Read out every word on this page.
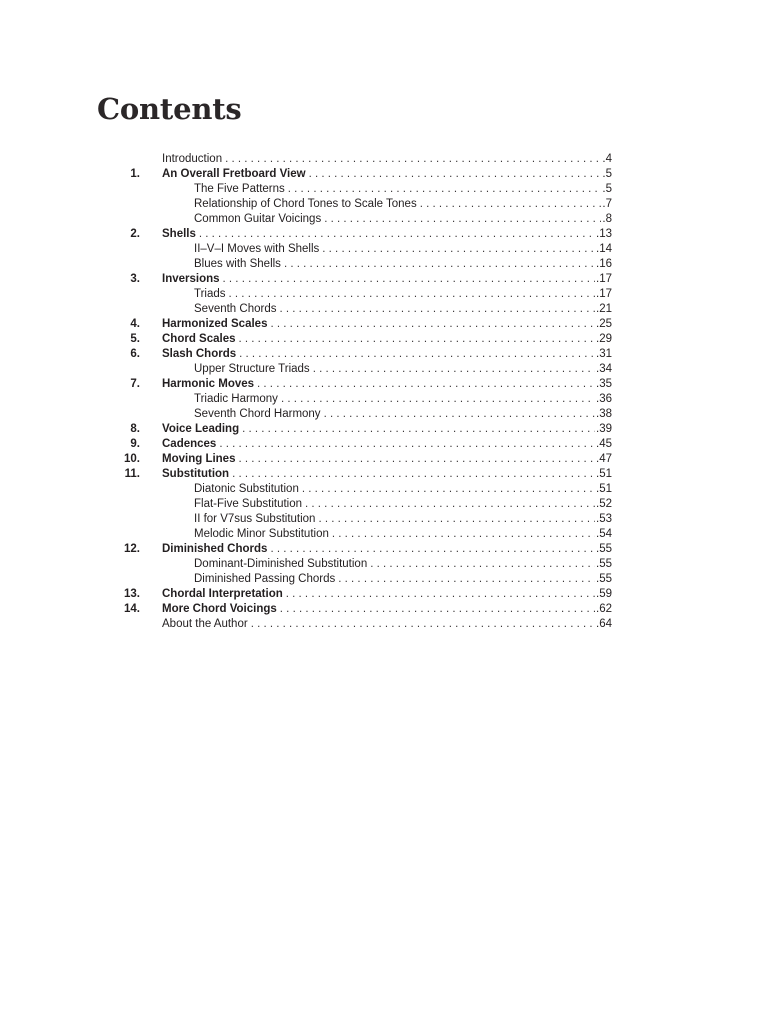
Contents
Introduction . . .	.4
1. An Overall Fretboard View . . .	.5
The Five Patterns . . .	.5
Relationship of Chord Tones to Scale Tones . . .	.7
Common Guitar Voicings . . .	.8
2. Shells . . .	.13
II–V–I Moves with Shells . . .	.14
Blues with Shells . . .	.16
3. Inversions . . .	.17
Triads . . .	.17
Seventh Chords . . .	.21
4. Harmonized Scales . . .	.25
5. Chord Scales . . .	.29
6. Slash Chords . . .	.31
Upper Structure Triads . . .	.34
7. Harmonic Moves . . .	.35
Triadic Harmony . . .	.36
Seventh Chord Harmony . . .	.38
8. Voice Leading . . .	.39
9. Cadences . . .	.45
10. Moving Lines . . .	.47
11. Substitution . . .	.51
Diatonic Substitution . . .	.51
Flat-Five Substitution . . .	.52
II for V7sus Substitution . . .	.53
Melodic Minor Substitution . . .	.54
12. Diminished Chords . . .	.55
Dominant-Diminished Substitution . . .	.55
Diminished Passing Chords . . .	.55
13. Chordal Interpretation . . .	.59
14. More Chord Voicings . . .	.62
About the Author . . .	.64
